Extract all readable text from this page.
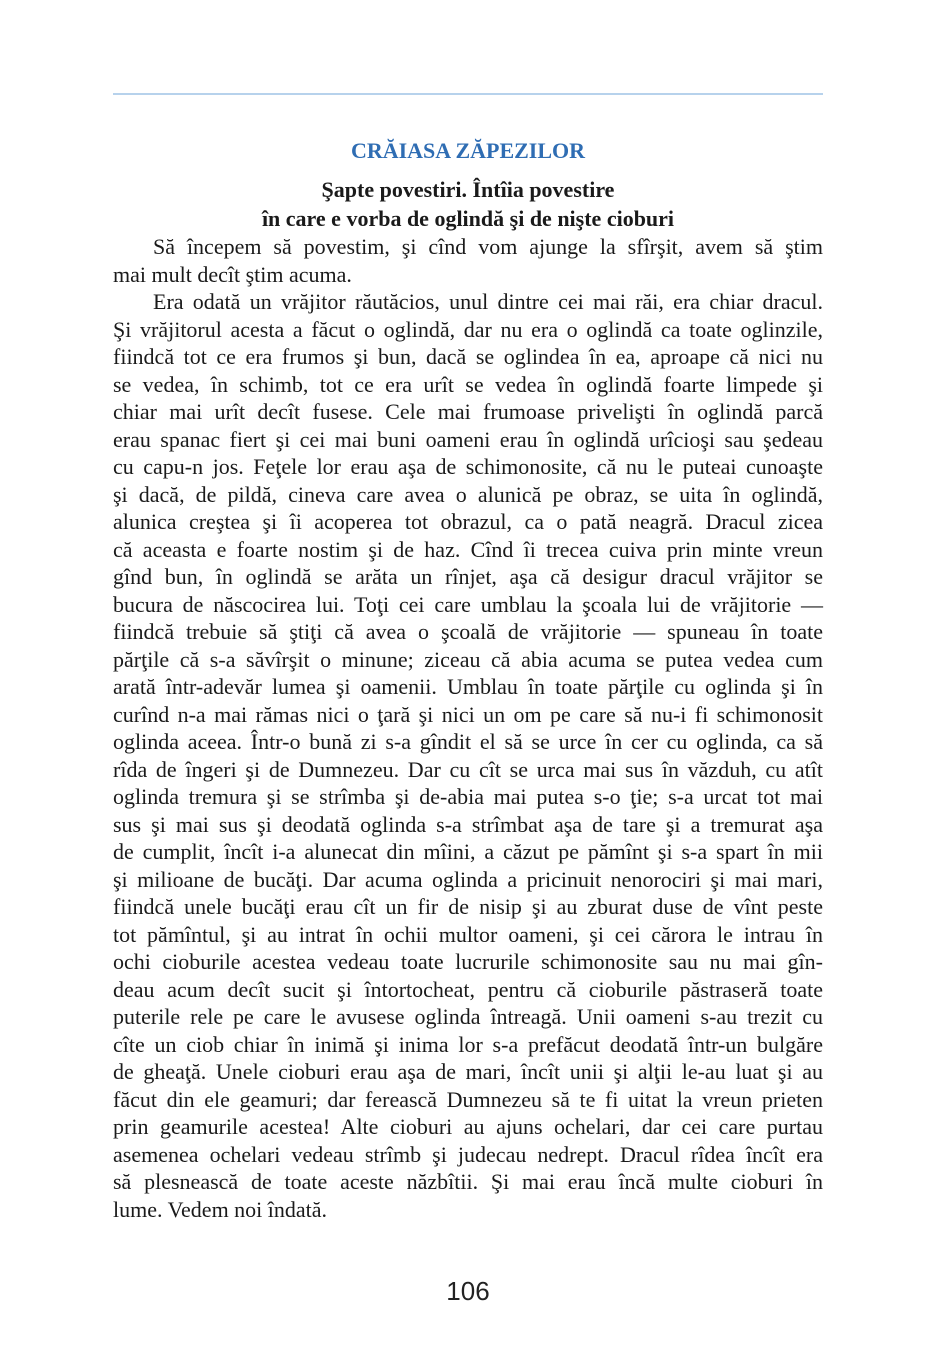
CRĂIASA ZĂPEZILOR
Şapte povestiri. Întîia povestire
în care e vorba de oglindă şi de nişte cioburi
Să începem să povestim, şi cînd vom ajunge la sfîrşit, avem să ştim
mai mult decît ştim acuma.
Era odată un vrăjitor răutăcios, unul dintre cei mai răi, era chiar dracul.
Şi vrăjitorul acesta a făcut o oglindă, dar nu era o oglindă ca toate oglinzile,
fiindcă tot ce era frumos şi bun, dacă se oglindea în ea, aproape că nici nu
se vedea, în schimb, tot ce era urît se vedea în oglindă foarte limpede şi
chiar mai urît decît fusese. Cele mai frumoase privelişti în oglindă parcă
erau spanac fiert şi cei mai buni oameni erau în oglindă urîcioşi sau şedeau
cu capu-n jos. Feţele lor erau aşa de schimonosite, că nu le puteai cunoaşte
şi dacă, de pildă, cineva care avea o alunică pe obraz, se uita în oglindă,
alunica creştea şi îi acoperea tot obrazul, ca o pată neagră. Dracul zicea
că aceasta e foarte nostim şi de haz. Cînd îi trecea cuiva prin minte vreun
gînd bun, în oglindă se arăta un rînjet, aşa că desigur dracul vrăjitor se
bucura de născocirea lui. Toţi cei care umblau la şcoala lui de vrăjitorie —
fiindcă trebuie să ştiţi că avea o şcoală de vrăjitorie — spuneau în toate
părţile că s-a săvîrşit o minune; ziceau că abia acuma se putea vedea cum
arată într-adevăr lumea şi oamenii. Umblau în toate părţile cu oglinda şi în
curînd n-a mai rămas nici o ţară şi nici un om pe care să nu-i fi schimonosit
oglinda aceea. Într-o bună zi s-a gîndit el să se urce în cer cu oglinda, ca să
rîda de îngeri şi de Dumnezeu. Dar cu cît se urca mai sus în văzduh, cu atît
oglinda tremura şi se strîmba şi de-abia mai putea s-o ţie; s-a urcat tot mai
sus şi mai sus şi deodată oglinda s-a strîmbat aşa de tare şi a tremurat aşa
de cumplit, încît i-a alunecat din mîini, a căzut pe pămînt şi s-a spart în mii
şi milioane de bucăţi. Dar acuma oglinda a pricinuit nenorociri şi mai mari,
fiindcă unele bucăţi erau cît un fir de nisip şi au zburat duse de vînt peste
tot pămîntul, şi au intrat în ochii multor oameni, şi cei cărora le intrau în
ochi cioburile acestea vedeau toate lucrurile schimonosite sau nu mai gîn-
deau acum decît sucit şi întortocheat, pentru că cioburile păstraseră toate
puterile rele pe care le avusese oglinda întreagă. Unii oameni s-au trezit cu
cîte un ciob chiar în inimă şi inima lor s-a prefăcut deodată într-un bulgăre
de gheaţă. Unele cioburi erau aşa de mari, încît unii şi alţii le-au luat şi au
făcut din ele geamuri; dar ferească Dumnezeu să te fi uitat la vreun prieten
prin geamurile acestea! Alte cioburi au ajuns ochelari, dar cei care purtau
asemenea ochelari vedeau strîmb şi judecau nedrept. Dracul rîdea încît era
să plesnească de toate aceste năzbîtii. Şi mai erau încă multe cioburi în
lume. Vedem noi îndată.
106
